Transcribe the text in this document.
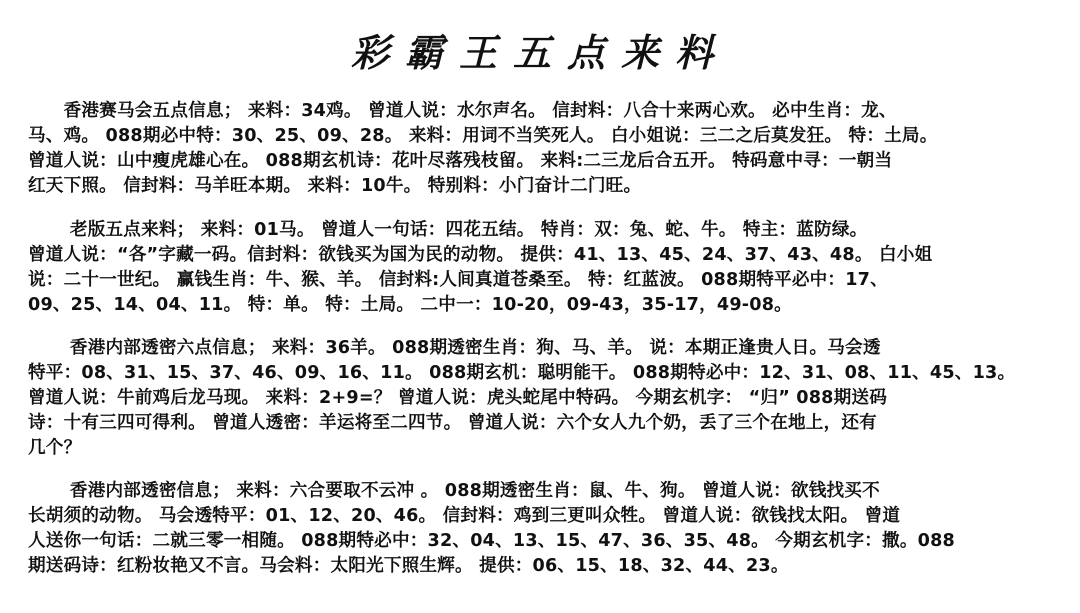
彩霸王五点来料
　　香港赛马会五点信息； 来料：34鸡。 曾道人说：水尔声名。 信封料：八合十来两心欢。 必中生肖：龙、
马、鸡。 088期必中特：30、25、09、28。 来料：用词不当笑死人。 白小姐说：三二之后莫发狂。 特：土局。
曾道人说：山中瘦虎雄心在。 088期玄机诗：花叶尽落残枝留。 来料:二三龙后合五开。 特码意中寻：一朝当
红天下照。 信封料：马羊旺本期。 来料：10牛。 特别料：小门奋计二门旺。
　　 老版五点来料； 来料：01马。 曾道人一句话：四花五结。 特肖：双：兔、蛇、牛。 特主：蓝防绿。
曾道人说：“各”字藏一码。信封料：欲钱买为国为民的动物。 提供：41、13、45、24、37、43、48。 白小姐
说：二十一世纪。 赢钱生肖：牛、猴、羊。 信封料:人间真道苍桑至。 特：红蓝波。 088期特平必中：17、
09、25、14、04、11。 特：单。 特：土局。 二中一：10-20，09-43，35-17，49-08。
　　 香港内部透密六点信息； 来料：36羊。 088期透密生肖：狗、马、羊。 说：本期正逢贵人日。马会透
特平：08、31、15、37、46、09、16、11。 088期玄机：聪明能干。 088期特必中：12、31、08、11、45、13。
曾道人说：牛前鸡后龙马现。 来料：2+9=？ 曾道人说：虎头蛇尾中特码。 今期玄机字： “归” 088期送码
诗：十有三四可得利。 曾道人透密：羊运将至二四节。 曾道人说：六个女人九个奶，丢了三个在地上，还有
几个？
　　 香港内部透密信息； 来料：六合要取不云冲 。 088期透密生肖：鼠、牛、狗。 曾道人说：欲钱找买不
长胡须的动物。 马会透特平：01、12、20、46。 信封料：鸡到三更叫众牲。 曾道人说：欲钱找太阳。 曾道
人送你一句话：二就三零一相随。 088期特必中：32、04、13、15、47、36、35、48。 今期玄机字：撒。088
期送码诗：红粉妆艳又不言。马会料：太阳光下照生辉。 提供：06、15、18、32、44、23。
